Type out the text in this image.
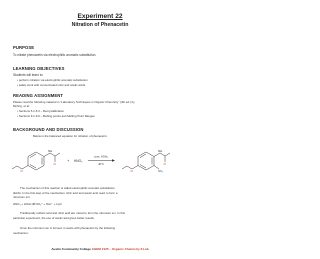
Experiment 22
Nitration of Phenacetin
PURPOSE
To nitrate phenacetin via electrophilic aromatic substitution.
LEARNING OBJECTIVES
Students will learn to:
• perform nitration via electrophilic aromatic substitution
• safely work with concentrated nitric and acetic acids
READING ASSIGNMENT
Please read the following material in "Laboratory Techniques in Organic Chemistry" (4th ed.) by
Mohrig, et al:
• Sections 5.1-5.3 – Recrystallization
• Sections 9.1-9.9 – Melting points and Melting Point Ranges
BACKGROUND AND DISCUSSION
Below is the balanced equation for nitration of phenacetin:
NH
O
O
+ HNO₃
conc. HOAc
40°C
NH
O
O	NO₂
The mechanism of this reaction is called electrophilic aromatic substitution
(EAS). In the first step of the mechanism nitric acid and acetic acid react to form a
nitronium ion:
HNO₃ + HOAc ⇌ NO₂⁺ + OAc⁻ + H₂O
Traditionally sulfuric acid and nitric acid are mixed to form the nitronium ion. In this
particular experiment, the use of acetic acid gives better results.
Once the nitronium ion is formed, it reacts with phenacetin by the following
mechanism:
Austin Community College CHEM 2125 – Organic Chemistry II Lab
